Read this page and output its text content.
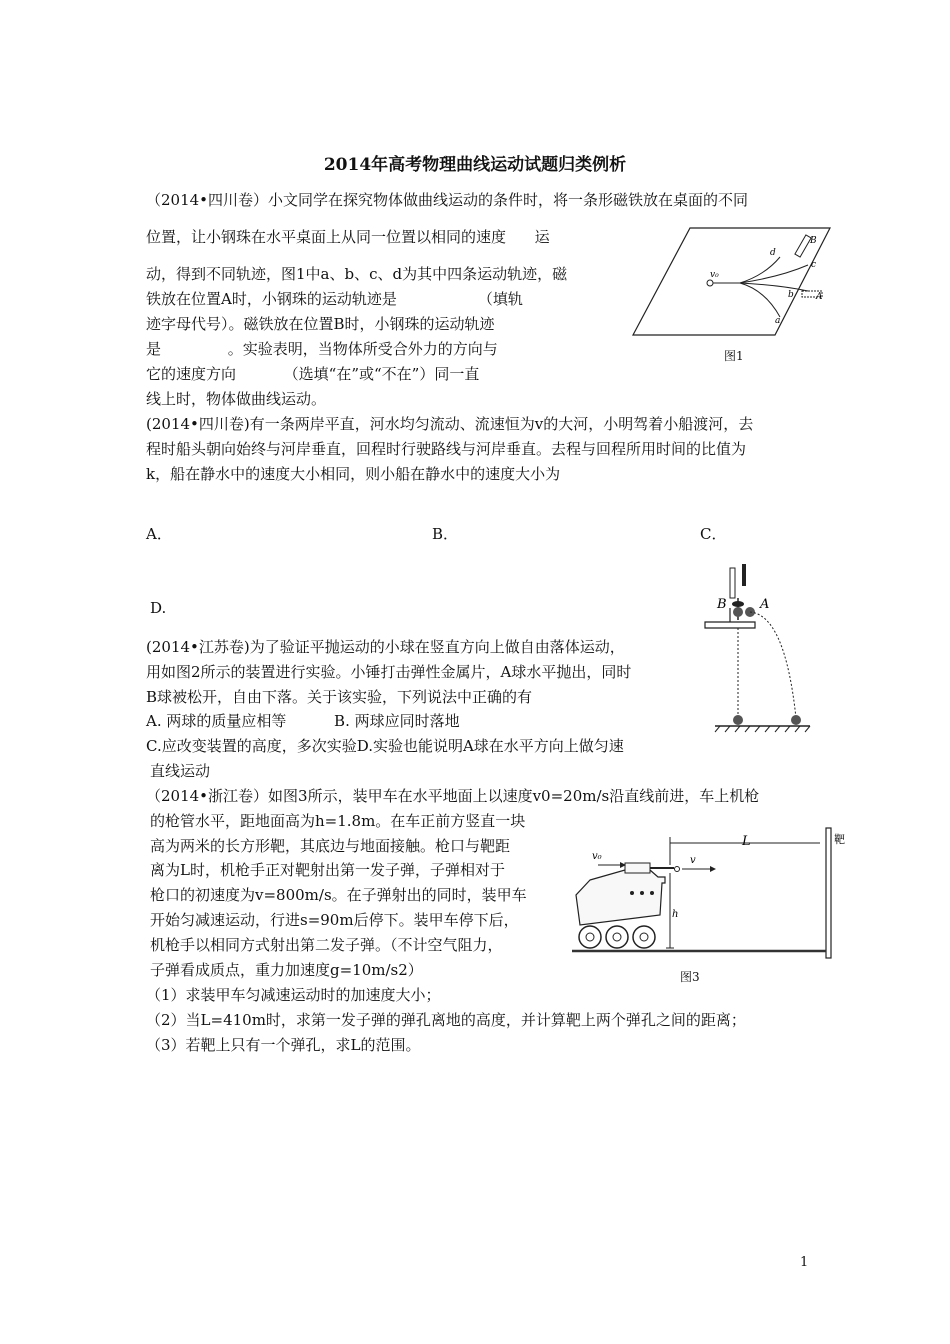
2014年高考物理曲线运动试题归类例析
（2014•四川卷）小文同学在探究物体做曲线运动的条件时，将一条形磁铁放在桌面的不同
位置，让小钢珠在水平桌面上从同一位置以相同的速度      运
动，得到不同轨迹，图1中a、b、c、d为其中四条运动轨迹，磁
铁放在位置A时，小钢珠的运动轨迹是                 （填轨
迹字母代号）。磁铁放在位置B时，小钢珠的运动轨迹
是              。实验表明，当物体所受合外力的方向与
它的速度方向          （选填“在”或“不在”）同一直
线上时，物体做曲线运动。
v₀
d
c
b
a
A
B
图1
(2014•四川卷)有一条两岸平直，河水均匀流动、流速恒为v的大河，小明驾着小船渡河，去
程时船头朝向始终与河岸垂直，回程时行驶路线与河岸垂直。去程与回程所用时间的比值为
k，船在静水中的速度大小相同，则小船在静水中的速度大小为
A．	B．	C．
D.	B	A
(2014•江苏卷)为了验证平抛运动的小球在竖直方向上做自由落体运动，
用如图2所示的装置进行实验。小锤打击弹性金属片，A球水平抛出，同时
B球被松开，自由下落。关于该实验，下列说法中正确的有
A. 两球的质量应相等          B. 两球应同时落地
C.应改变装置的高度，多次实验D.实验也能说明A球在水平方向上做匀速
直线运动
（2014•浙江卷）如图3所示，装甲车在水平地面上以速度v0=20m/s沿直线前进，车上机枪
的枪管水平，距地面高为h=1.8m。在车正前方竖直一块
高为两米的长方形靶，其底边与地面接触。枪口与靶距
离为L时，机枪手正对靶射出第一发子弹，子弹相对于
枪口的初速度为v=800m/s。在子弹射出的同时，装甲车
开始匀减速运动，行进s=90m后停下。装甲车停下后，
机枪手以相同方式射出第二发子弹。（不计空气阻力，
子弹看成质点，重力加速度g=10m/s2）
（1）求装甲车匀减速运动时的加速度大小；
（2）当L=410m时，求第一发子弹的弹孔离地的高度，并计算靶上两个弹孔之间的距离；
（3）若靶上只有一个弹孔，求L的范围。
L	靶
h
v₀	v
图3
1
